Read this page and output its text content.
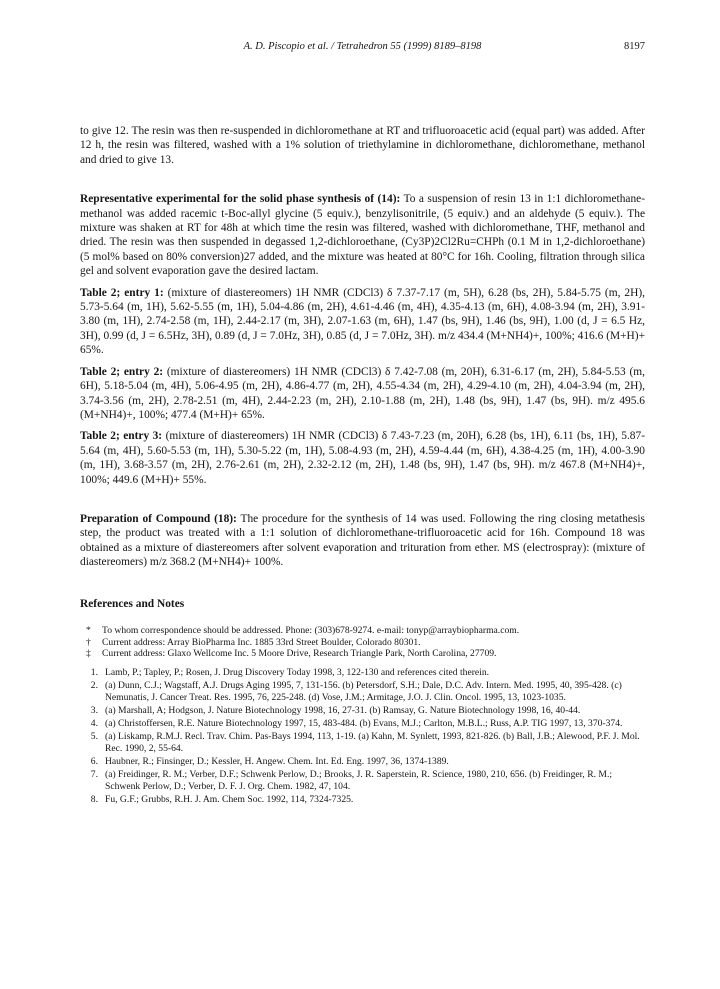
A. D. Piscopio et al. / Tetrahedron 55 (1999) 8189–8198	8197

to give 12. The resin was then re-suspended in dichloromethane at RT and trifluoroacetic acid (equal part) was added. After 12 h, the resin was filtered, washed with a 1% solution of triethylamine in dichloromethane, dichloromethane, methanol and dried to give 13.

Representative experimental for the solid phase synthesis of (14): To a suspension of resin 13 in 1:1 dichloromethane-methanol was added racemic t-Boc-allyl glycine (5 equiv.), benzylisonitrile, (5 equiv.) and an aldehyde (5 equiv.). The mixture was shaken at RT for 48h at which time the resin was filtered, washed with dichloromethane, THF, methanol and dried. The resin was then suspended in degassed 1,2-dichloroethane, (Cy3P)2Cl2Ru=CHPh (0.1 M in 1,2-dichloroethane) (5 mol% based on 80% conversion)27 added, and the mixture was heated at 80°C for 16h. Cooling, filtration through silica gel and solvent evaporation gave the desired lactam.

Table 2; entry 1: (mixture of diastereomers) 1H NMR (CDCl3) δ 7.37-7.17 (m, 5H), 6.28 (bs, 2H), 5.84-5.75 (m, 2H), 5.73-5.64 (m, 1H), 5.62-5.55 (m, 1H), 5.04-4.86 (m, 2H), 4.61-4.46 (m, 4H), 4.35-4.13 (m, 6H), 4.08-3.94 (m, 2H), 3.91-3.80 (m, 1H), 2.74-2.58 (m, 1H), 2.44-2.17 (m, 3H), 2.07-1.63 (m, 6H), 1.47 (bs, 9H), 1.46 (bs, 9H), 1.00 (d, J = 6.5 Hz, 3H), 0.99 (d, J = 6.5Hz, 3H), 0.89 (d, J = 7.0Hz, 3H), 0.85 (d, J = 7.0Hz, 3H). m/z 434.4 (M+NH4)+, 100%; 416.6 (M+H)+ 65%.

Table 2; entry 2: (mixture of diastereomers) 1H NMR (CDCl3) δ 7.42-7.08 (m, 20H), 6.31-6.17 (m, 2H), 5.84-5.53 (m, 6H), 5.18-5.04 (m, 4H), 5.06-4.95 (m, 2H), 4.86-4.77 (m, 2H), 4.55-4.34 (m, 2H), 4.29-4.10 (m, 2H), 4.04-3.94 (m, 2H), 3.74-3.56 (m, 2H), 2.78-2.51 (m, 4H), 2.44-2.23 (m, 2H), 2.10-1.88 (m, 2H), 1.48 (bs, 9H), 1.47 (bs, 9H). m/z 495.6 (M+NH4)+, 100%; 477.4 (M+H)+ 65%.

Table 2; entry 3: (mixture of diastereomers) 1H NMR (CDCl3) δ 7.43-7.23 (m, 20H), 6.28 (bs, 1H), 6.11 (bs, 1H), 5.87-5.64 (m, 4H), 5.60-5.53 (m, 1H), 5.30-5.22 (m, 1H), 5.08-4.93 (m, 2H), 4.59-4.44 (m, 6H), 4.38-4.25 (m, 1H), 4.00-3.90 (m, 1H), 3.68-3.57 (m, 2H), 2.76-2.61 (m, 2H), 2.32-2.12 (m, 2H), 1.48 (bs, 9H), 1.47 (bs, 9H). m/z 467.8 (M+NH4)+, 100%; 449.6 (M+H)+ 55%.

Preparation of Compound (18): The procedure for the synthesis of 14 was used. Following the ring closing metathesis step, the product was treated with a 1:1 solution of dichloromethane-trifluoroacetic acid for 16h. Compound 18 was obtained as a mixture of diastereomers after solvent evaporation and trituration from ether. MS (electrospray): (mixture of diastereomers) m/z 368.2 (M+NH4)+ 100%.

References and Notes
*	To whom correspondence should be addressed. Phone: (303)678-9274. e-mail: tonyp@arraybiopharma.com.
†	Current address: Array BioPharma Inc. 1885 33rd Street Boulder, Colorado 80301.
‡	Current address: Glaxo Wellcome Inc. 5 Moore Drive, Research Triangle Park, North Carolina, 27709.
1. Lamb, P.; Tapley, P.; Rosen, J. Drug Discovery Today 1998, 3, 122-130 and references cited therein.
2. (a) Dunn, C.J.; Wagstaff, A.J. Drugs Aging 1995, 7, 131-156. (b) Petersdorf, S.H.; Dale, D.C. Adv. Intern. Med. 1995, 40, 395-428. (c) Nemunatis, J. Cancer Treat. Res. 1995, 76, 225-248. (d) Vose, J.M.; Armitage, J.O. J. Clin. Oncol. 1995, 13, 1023-1035.
3. (a) Marshall, A; Hodgson, J. Nature Biotechnology 1998, 16, 27-31. (b) Ramsay, G. Nature Biotechnology 1998, 16, 40-44.
4. (a) Christoffersen, R.E. Nature Biotechnology 1997, 15, 483-484. (b) Evans, M.J.; Carlton, M.B.L.; Russ, A.P. TIG 1997, 13, 370-374.
5. (a) Liskamp, R.M.J. Recl. Trav. Chim. Pas-Bays 1994, 113, 1-19. (a) Kahn, M. Synlett, 1993, 821-826. (b) Ball, J.B.; Alewood, P.F. J. Mol. Rec. 1990, 2, 55-64.
6. Haubner, R.; Finsinger, D.; Kessler, H. Angew. Chem. Int. Ed. Eng. 1997, 36, 1374-1389.
7. (a) Freidinger, R. M.; Verber, D.F.; Schwenk Perlow, D.; Brooks, J. R. Saperstein, R. Science, 1980, 210, 656. (b) Freidinger, R. M.; Schwenk Perlow, D.; Verber, D. F. J. Org. Chem. 1982, 47, 104.
8. Fu, G.F.; Grubbs, R.H. J. Am. Chem Soc. 1992, 114, 7324-7325.
